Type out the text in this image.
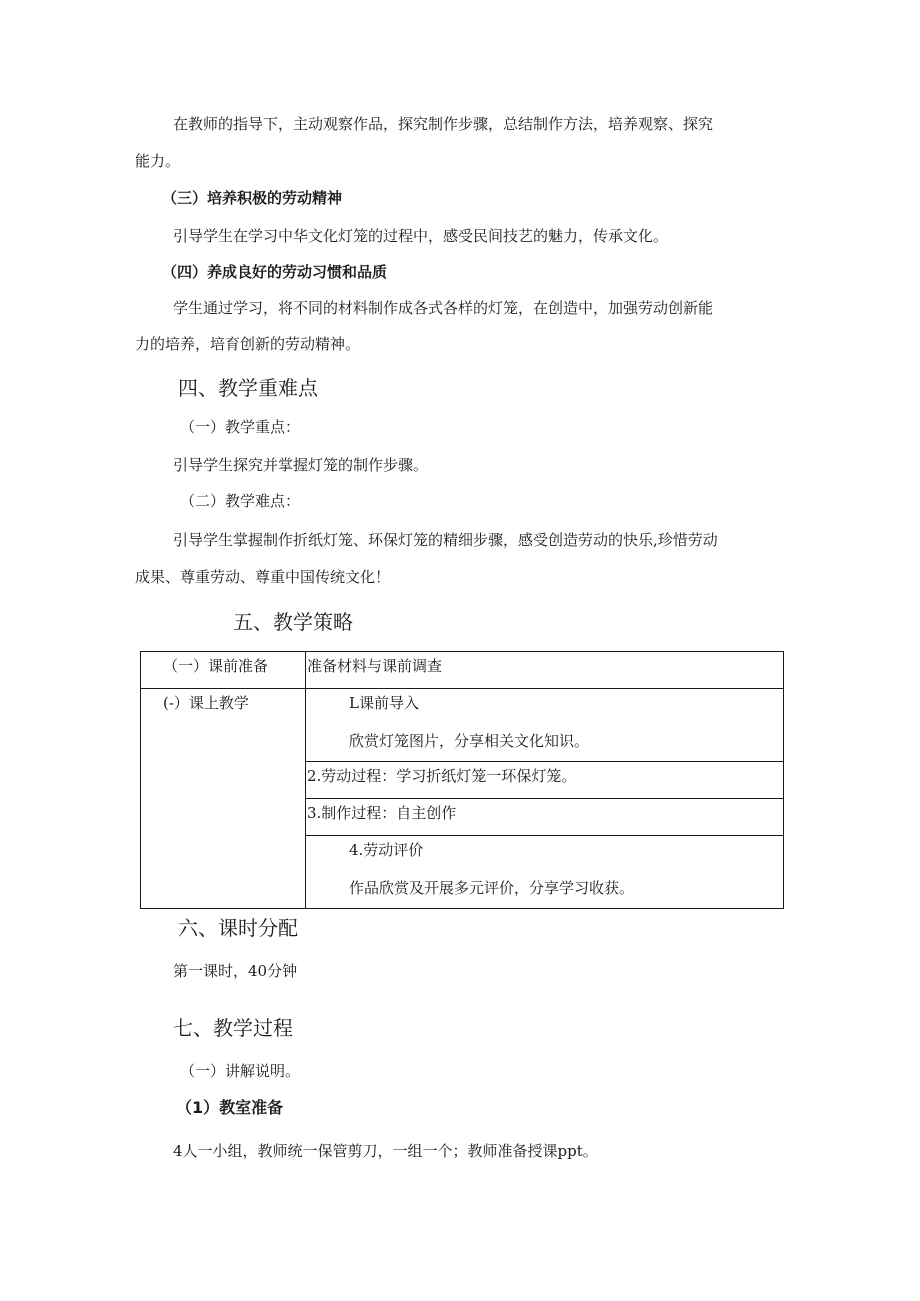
在教师的指导下，主动观察作品，探究制作步骤，总结制作方法，培养观察、探究
能力。
（三）培养积极的劳动精神
引导学生在学习中华文化灯笼的过程中，感受民间技艺的魅力，传承文化。
（四）养成良好的劳动习惯和品质
学生通过学习，将不同的材料制作成各式各样的灯笼，在创造中，加强劳动创新能
力的培养，培育创新的劳动精神。
四、教学重难点
（一）教学重点：
引导学生探究并掌握灯笼的制作步骤。
（二）教学难点：
引导学生掌握制作折纸灯笼、环保灯笼的精细步骤，感受创造劳动的快乐,珍惜劳动
成果、尊重劳动、尊重中国传统文化！
五、教学策略
（一）课前准备	准备材料与课前调查
(-）课上教学	L课前导入
欣赏灯笼图片，分享相关文化知识。
2.劳动过程：学习折纸灯笼一环保灯笼。
3.制作过程：自主创作
4.劳动评价
作品欣赏及开展多元评价，分享学习收获。
六、课时分配
第一课时，40分钟
七、教学过程
（一）讲解说明。
（1）教室准备
4人一小组，教师统一保管剪刀，一组一个；教师准备授课ppt。
